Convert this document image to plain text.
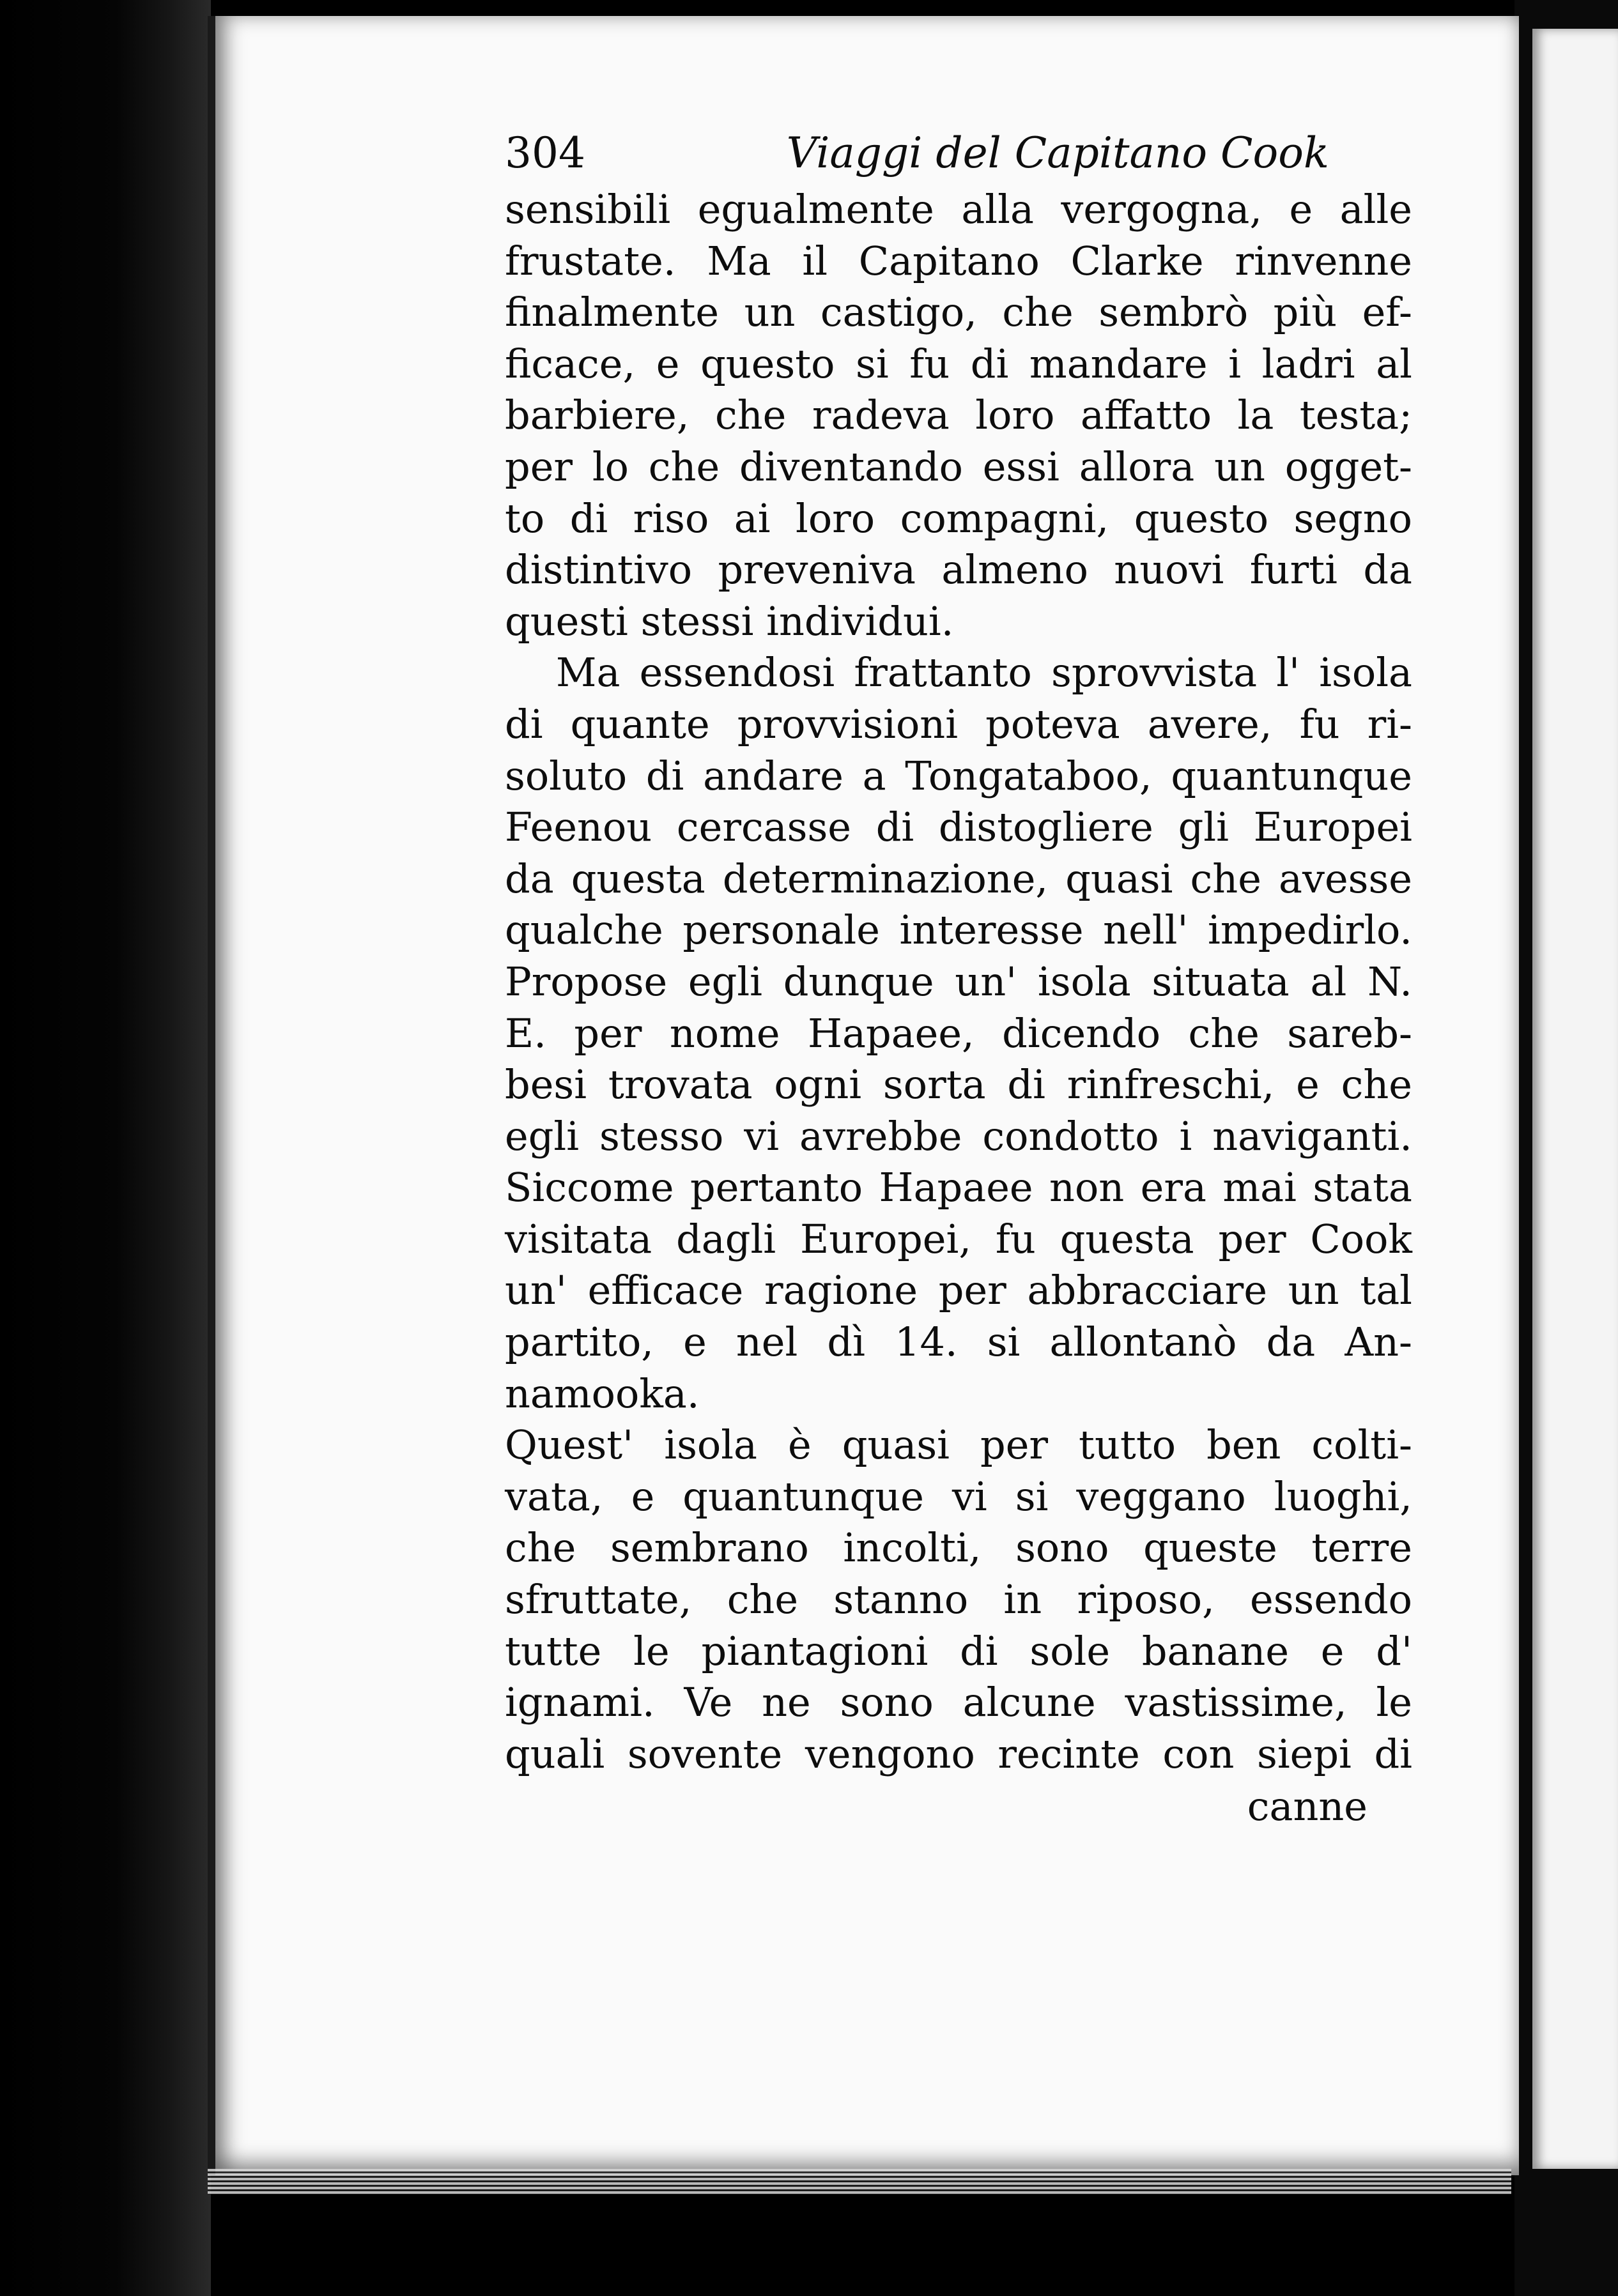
304	Viaggi del Capitano Cook
sensibili egualmente alla vergogna, e alle
frustate. Ma il Capitano Clarke rinvenne
finalmente un castigo, che sembrò più ef-
ficace, e questo si fu di mandare i ladri al
barbiere, che radeva loro affatto la testa;
per lo che diventando essi allora un ogget-
to di riso ai loro compagni, questo segno
distintivo preveniva almeno nuovi furti da
questi stessi individui.
Ma essendosi frattanto sprovvista l' isola
di quante provvisioni poteva avere, fu ri-
soluto di andare a Tongataboo, quantunque
Feenou cercasse di distogliere gli Europei
da questa determinazione, quasi che avesse
qualche personale interesse nell' impedirlo.
Propose egli dunque un' isola situata al N.
E. per nome Hapaee, dicendo che sareb-
besi trovata ogni sorta di rinfreschi, e che
egli stesso vi avrebbe condotto i naviganti.
Siccome pertanto Hapaee non era mai stata
visitata dagli Europei, fu questa per Cook
un' efficace ragione per abbracciare un tal
partito, e nel dì 14. si allontanò da An-
namooka.
Quest' isola è quasi per tutto ben colti-
vata, e quantunque vi si veggano luoghi,
che sembrano incolti, sono queste terre
sfruttate, che stanno in riposo, essendo
tutte le piantagioni di sole banane e d'
ignami. Ve ne sono alcune vastissime, le
quali sovente vengono recinte con siepi di
canne
